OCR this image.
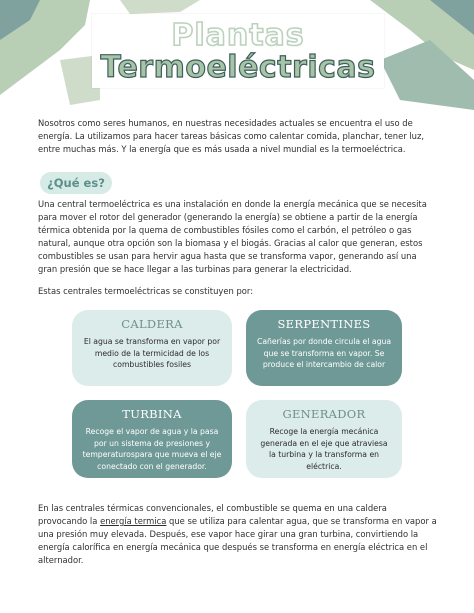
Plantas
Termoeléctricas
Nosotros como seres humanos, en nuestras necesidades actuales se encuentra el uso de energía. La utilizamos para hacer tareas básicas como calentar comida, planchar, tener luz, entre muchas más. Y la energía que es más usada a nivel mundial es la termoeléctrica.
¿Qué es?
Una central termoeléctrica es una instalación en donde la energía mecánica que se necesita para mover el rotor del generador (generando la energía) se obtiene a partir de la energía térmica obtenida por la quema de combustibles fósiles como el carbón, el petróleo o gas natural, aunque otra opción son la biomasa y el biogás. Gracias al calor que generan, estos combustibles se usan para hervir agua hasta que se transforma vapor, generando así una gran presión que se hace llegar a las turbinas para generar la electricidad.
Estas centrales termoeléctricas se constituyen por:
CALDERA
El agua se transforma en vapor por medio de la termicidad de los combustibles fosiles
SERPENTINES
Cañerías por donde circula el agua que se transforma en vapor. Se produce el intercambio de calor
TURBINA
Recoge el vapor de agua y la pasa por un sistema de presiones y temperaturospara que mueva el eje conectado con el generador.
GENERADOR
Recoge la energía mecánica generada en el eje que atraviesa la turbina y la transforma en eléctrica.
En las centrales térmicas convencionales, el combustible se quema en una caldera provocando la energía termica que se utiliza para calentar agua, que se transforma en vapor a una presión muy elevada. Después, ese vapor hace girar una gran turbina, convirtiendo la energía calorífica en energía mecánica que después se transforma en energía eléctrica en el alternador.
